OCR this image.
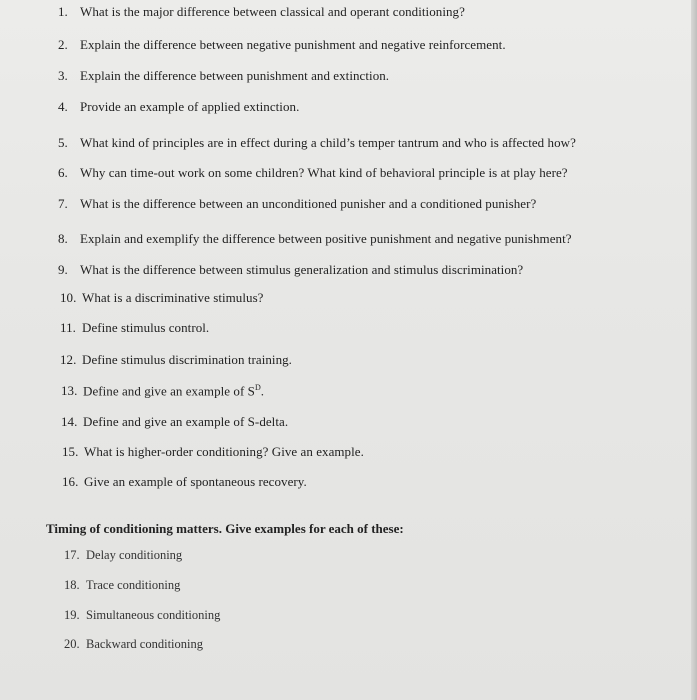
1. What is the major difference between classical and operant conditioning?
2. Explain the difference between negative punishment and negative reinforcement.
3. Explain the difference between punishment and extinction.
4. Provide an example of applied extinction.
5. What kind of principles are in effect during a child’s temper tantrum and who is affected how?
6. Why can time-out work on some children? What kind of behavioral principle is at play here?
7. What is the difference between an unconditioned punisher and a conditioned punisher?
8. Explain and exemplify the difference between positive punishment and negative punishment?
9. What is the difference between stimulus generalization and stimulus discrimination?
10. What is a discriminative stimulus?
11. Define stimulus control.
12. Define stimulus discrimination training.
13. Define and give an example of $S^D$.
14. Define and give an example of S-delta.
15. What is higher-order conditioning? Give an example.
16. Give an example of spontaneous recovery.
Timing of conditioning matters. Give examples for each of these:
17. Delay conditioning
18. Trace conditioning
19. Simultaneous conditioning
20. Backward conditioning
